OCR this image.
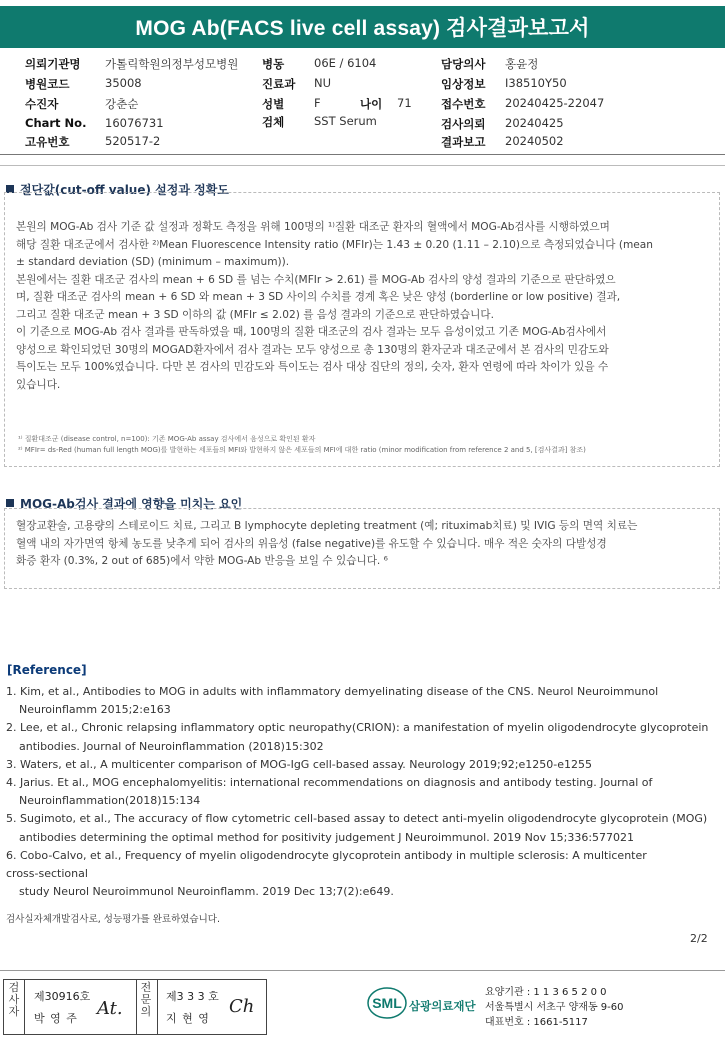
MOG Ab(FACS live cell assay) 검사결과보고서
의뢰기관명 가톨릭학원의정부성모병원 병동	06E / 6104	담당의사 홍윤정
병원코드	35008	진료과 NU	임상정보 I38510Y50
수진자	강춘순	성별	F	나이 71	접수번호 20240425-22047
Chart No. 16076731	검체	SST Serum	검사의뢰 20240425
고유번호	520517-2	결과보고 20240502
절단값(cut-off value) 설정과 정확도
본원의 MOG-Ab 검사 기준 값 설정과 정확도 측정을 위해 100명의 ¹⁾질환 대조군 환자의 혈액에서 MOG-Ab검사를 시행하였으며
해당 질환 대조군에서 검사한 ²⁾Mean Fluorescence Intensity ratio (MFIr)는 1.43 ± 0.20 (1.11 – 2.10)으로 측정되었습니다 (mean
± standard deviation (SD) (minimum – maximum)).
본원에서는 질환 대조군 검사의 mean + 6 SD 를 넘는 수치(MFIr > 2.61) 를 MOG-Ab 검사의 양성 결과의 기준으로 판단하였으
며, 질환 대조군 검사의 mean + 6 SD 와 mean + 3 SD 사이의 수치를 경계 혹은 낮은 양성 (borderline or low positive) 결과,
그리고 질환 대조군 mean + 3 SD 이하의 값 (MFIr ≤ 2.02) 를 음성 결과의 기준으로 판단하였습니다.
이 기준으로 MOG-Ab 검사 결과를 판독하였을 때, 100명의 질환 대조군의 검사 결과는 모두 음성이었고 기존 MOG-Ab검사에서
양성으로 확인되었던 30명의 MOGAD환자에서 검사 결과는 모두 양성으로 총 130명의 환자군과 대조군에서 본 검사의 민감도와
특이도는 모두 100%였습니다. 다만 본 검사의 민감도와 특이도는 검사 대상 집단의 정의, 숫자, 환자 연령에 따라 차이가 있을 수
있습니다.
¹⁾ 질환대조군 (disease control, n=100): 기존 MOG-Ab assay 검사에서 음성으로 확인된 환자
²⁾ MFIr= ds-Red (human full length MOG)를 발현하는 세포들의 MFI와 발현하지 않은 세포들의 MFI에 대한 ratio (minor modification from reference 2 and 5, [검사결과] 참조)
MOG-Ab검사 결과에 영향을 미치는 요인
혈장교환술, 고용량의 스테로이드 치료, 그리고 B lymphocyte depleting treatment (예; rituximab치료) 및 IVIG 등의 면역 치료는
혈액 내의 자가면역 항체 농도를 낮추게 되어 검사의 위음성 (false negative)를 유도할 수 있습니다. 매우 적은 숫자의 다발성경
화증 환자 (0.3%, 2 out of 685)에서 약한 MOG-Ab 반응을 보일 수 있습니다. ⁶
[Reference]
1. Kim, et al., Antibodies to MOG in adults with inflammatory demyelinating disease of the CNS. Neurol Neuroimmunol
Neuroinflamm 2015;2:e163
2. Lee, et al., Chronic relapsing inflammatory optic neuropathy(CRION): a manifestation of myelin oligodendrocyte glycoprotein
antibodies. Journal of Neuroinflammation (2018)15:302
3. Waters, et al., A multicenter comparison of MOG-IgG cell-based assay. Neurology 2019;92;e1250-e1255
4. Jarius. Et al., MOG encephalomyelitis: international recommendations on diagnosis and antibody testing. Journal of
Neuroinflammation(2018)15:134
5. Sugimoto, et al., The accuracy of flow cytometric cell-based assay to detect anti-myelin oligodendrocyte glycoprotein (MOG)
antibodies determining the optimal method for positivity judgement J Neuroimmunol. 2019 Nov 15;336:577021
6. Cobo-Calvo, et al., Frequency of myelin oligodendrocyte glycoprotein antibody in multiple sclerosis: A multicenter
cross-sectional
study Neurol Neuroimmunol Neuroinflamm. 2019 Dec 13;7(2):e649.
검사실자체개발검사로, 성능평가를 완료하였습니다.
2/2
검사자
제30916호
박 영 주 At.
전문의
제3 3 3 호
지 현 영
Ch	SML 삼광의료재단
요양기관 : 1 1 3 6 5 2 0 0
서울특별시 서초구 양재동 9-60
대표번호 : 1661-5117
